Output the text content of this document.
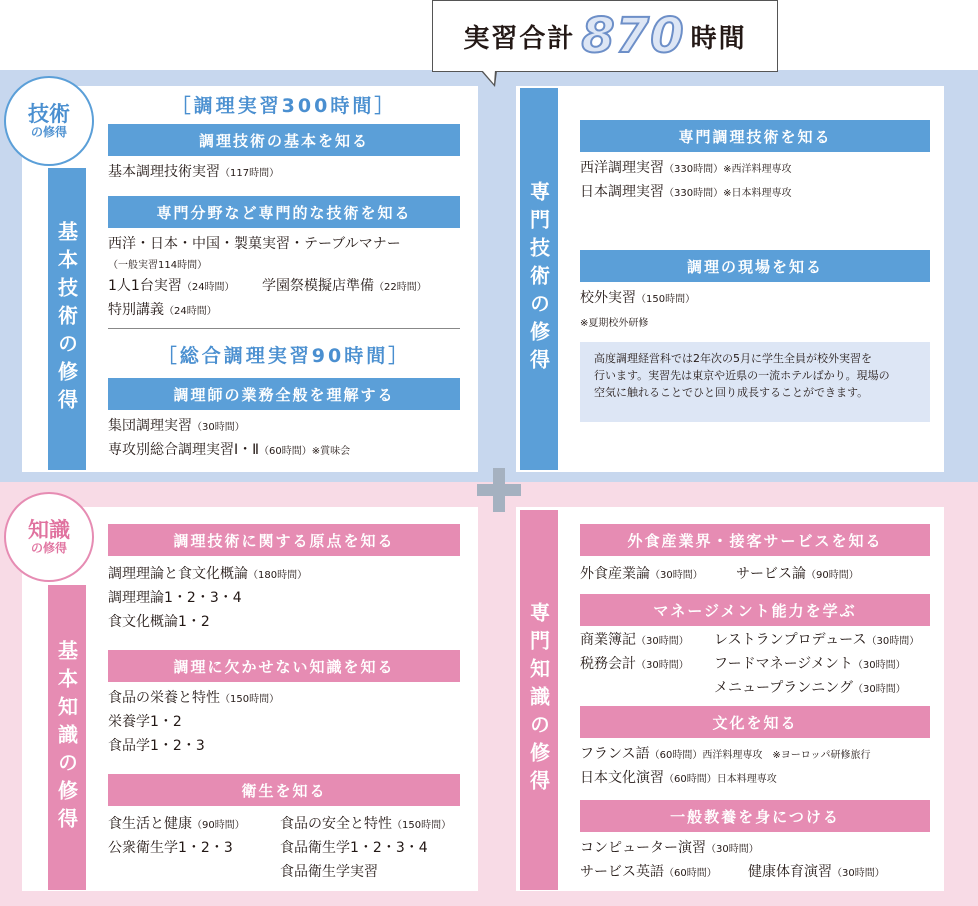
実習合計 870 時間
技術
の修得
知識
の修得
基本技術の修得	専門技術の修得
基本知識の修得	専門知識の修得
［調理実習300時間］
調理技術の基本を知る
基本調理技術実習（117時間）
専門分野など専門的な技術を知る
西洋・日本・中国・製菓実習・テーブルマナー
（一般実習114時間）
1人1台実習（24時間） 学園祭模擬店準備（22時間）
特別講義（24時間）
［総合調理実習90時間］
調理師の業務全般を理解する
集団調理実習（30時間）
専攻別総合調理実習Ⅰ・Ⅱ（60時間）※賞味会
専門調理技術を知る
西洋調理実習（330時間）※西洋料理専攻
日本調理実習（330時間）※日本料理専攻
調理の現場を知る
校外実習（150時間）
※夏期校外研修
高度調理経営科では2年次の5月に学生全員が校外実習を
行います。実習先は東京や近県の一流ホテルばかり。現場の
空気に触れることでひと回り成長することができます。
調理技術に関する原点を知る
調理理論と食文化概論（180時間）
調理理論1・2・3・4
食文化概論1・2
調理に欠かせない知識を知る
食品の栄養と特性（150時間）
栄養学1・2
食品学1・2・3
衛生を知る
食生活と健康（90時間）
公衆衛生学1・2・3
食品の安全と特性（150時間）
食品衛生学1・2・3・4
食品衛生学実習
外食産業界・接客サービスを知る
外食産業論（30時間） サービス論（90時間）
マネージメント能力を学ぶ
商業簿記（30時間）
税務会計（30時間）
レストランプロデュース（30時間）
フードマネージメント（30時間）
メニュープランニング（30時間）
文化を知る
フランス語（60時間）西洋料理専攻　※ヨーロッパ研修旅行
日本文化演習（60時間）日本料理専攻
一般教養を身につける
コンピューター演習（30時間）
サービス英語（60時間） 健康体育演習（30時間）
